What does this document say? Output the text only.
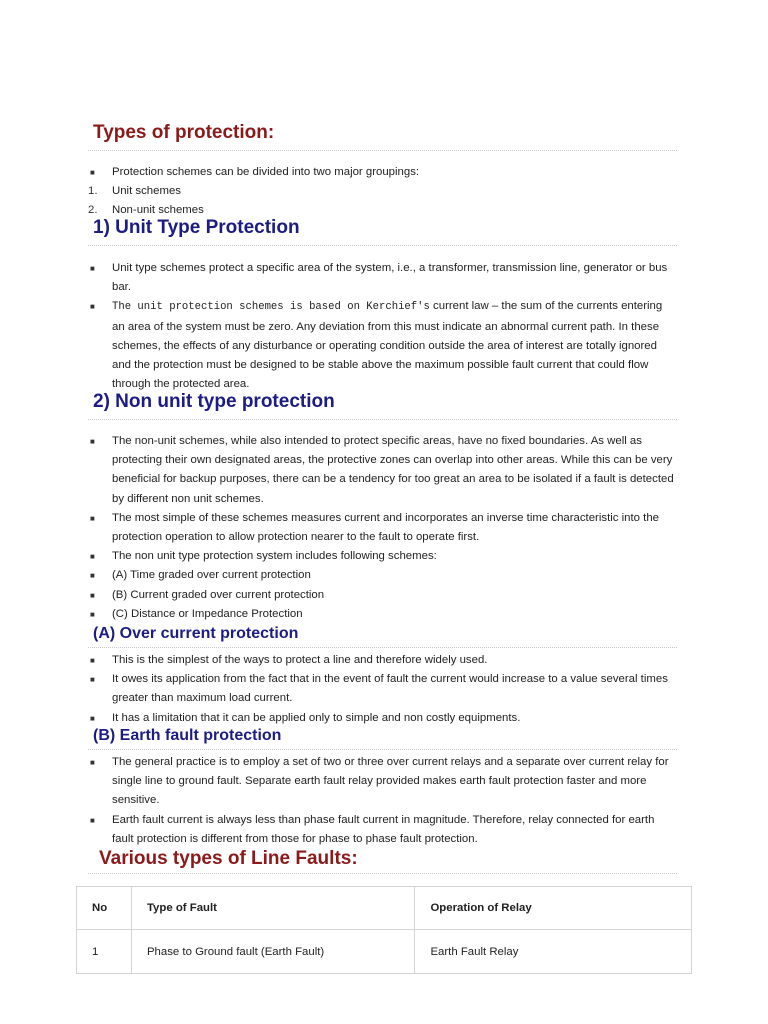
Types of protection:
■ Protection schemes can be divided into two major groupings:
1. Unit schemes
2. Non-unit schemes
1) Unit Type Protection
■ Unit type schemes protect a specific area of the system, i.e., a transformer, transmission line, generator or bus bar.
■ The unit protection schemes is based on Kerchief's current law – the sum of the currents entering an area of the system must be zero. Any deviation from this must indicate an abnormal current path. In these schemes, the effects of any disturbance or operating condition outside the area of interest are totally ignored and the protection must be designed to be stable above the maximum possible fault current that could flow through the protected area.
2) Non unit type protection
■ The non-unit schemes, while also intended to protect specific areas, have no fixed boundaries. As well as protecting their own designated areas, the protective zones can overlap into other areas. While this can be very beneficial for backup purposes, there can be a tendency for too great an area to be isolated if a fault is detected by different non unit schemes.
■ The most simple of these schemes measures current and incorporates an inverse time characteristic into the protection operation to allow protection nearer to the fault to operate first.
■ The non unit type protection system includes following schemes:
■ (A) Time graded over current protection
■ (B) Current graded over current protection
■ (C) Distance or Impedance Protection
(A) Over current protection
■ This is the simplest of the ways to protect a line and therefore widely used.
■ It owes its application from the fact that in the event of fault the current would increase to a value several times greater than maximum load current.
■ It has a limitation that it can be applied only to simple and non costly equipments.
(B) Earth fault protection
■ The general practice is to employ a set of two or three over current relays and a separate over current relay for single line to ground fault. Separate earth fault relay provided makes earth fault protection faster and more sensitive.
■ Earth fault current is always less than phase fault current in magnitude. Therefore, relay connected for earth fault protection is different from those for phase to phase fault protection.
Various types of Line Faults:
No	Type of Fault	Operation of Relay
1	Phase to Ground fault (Earth Fault)	Earth Fault Relay
